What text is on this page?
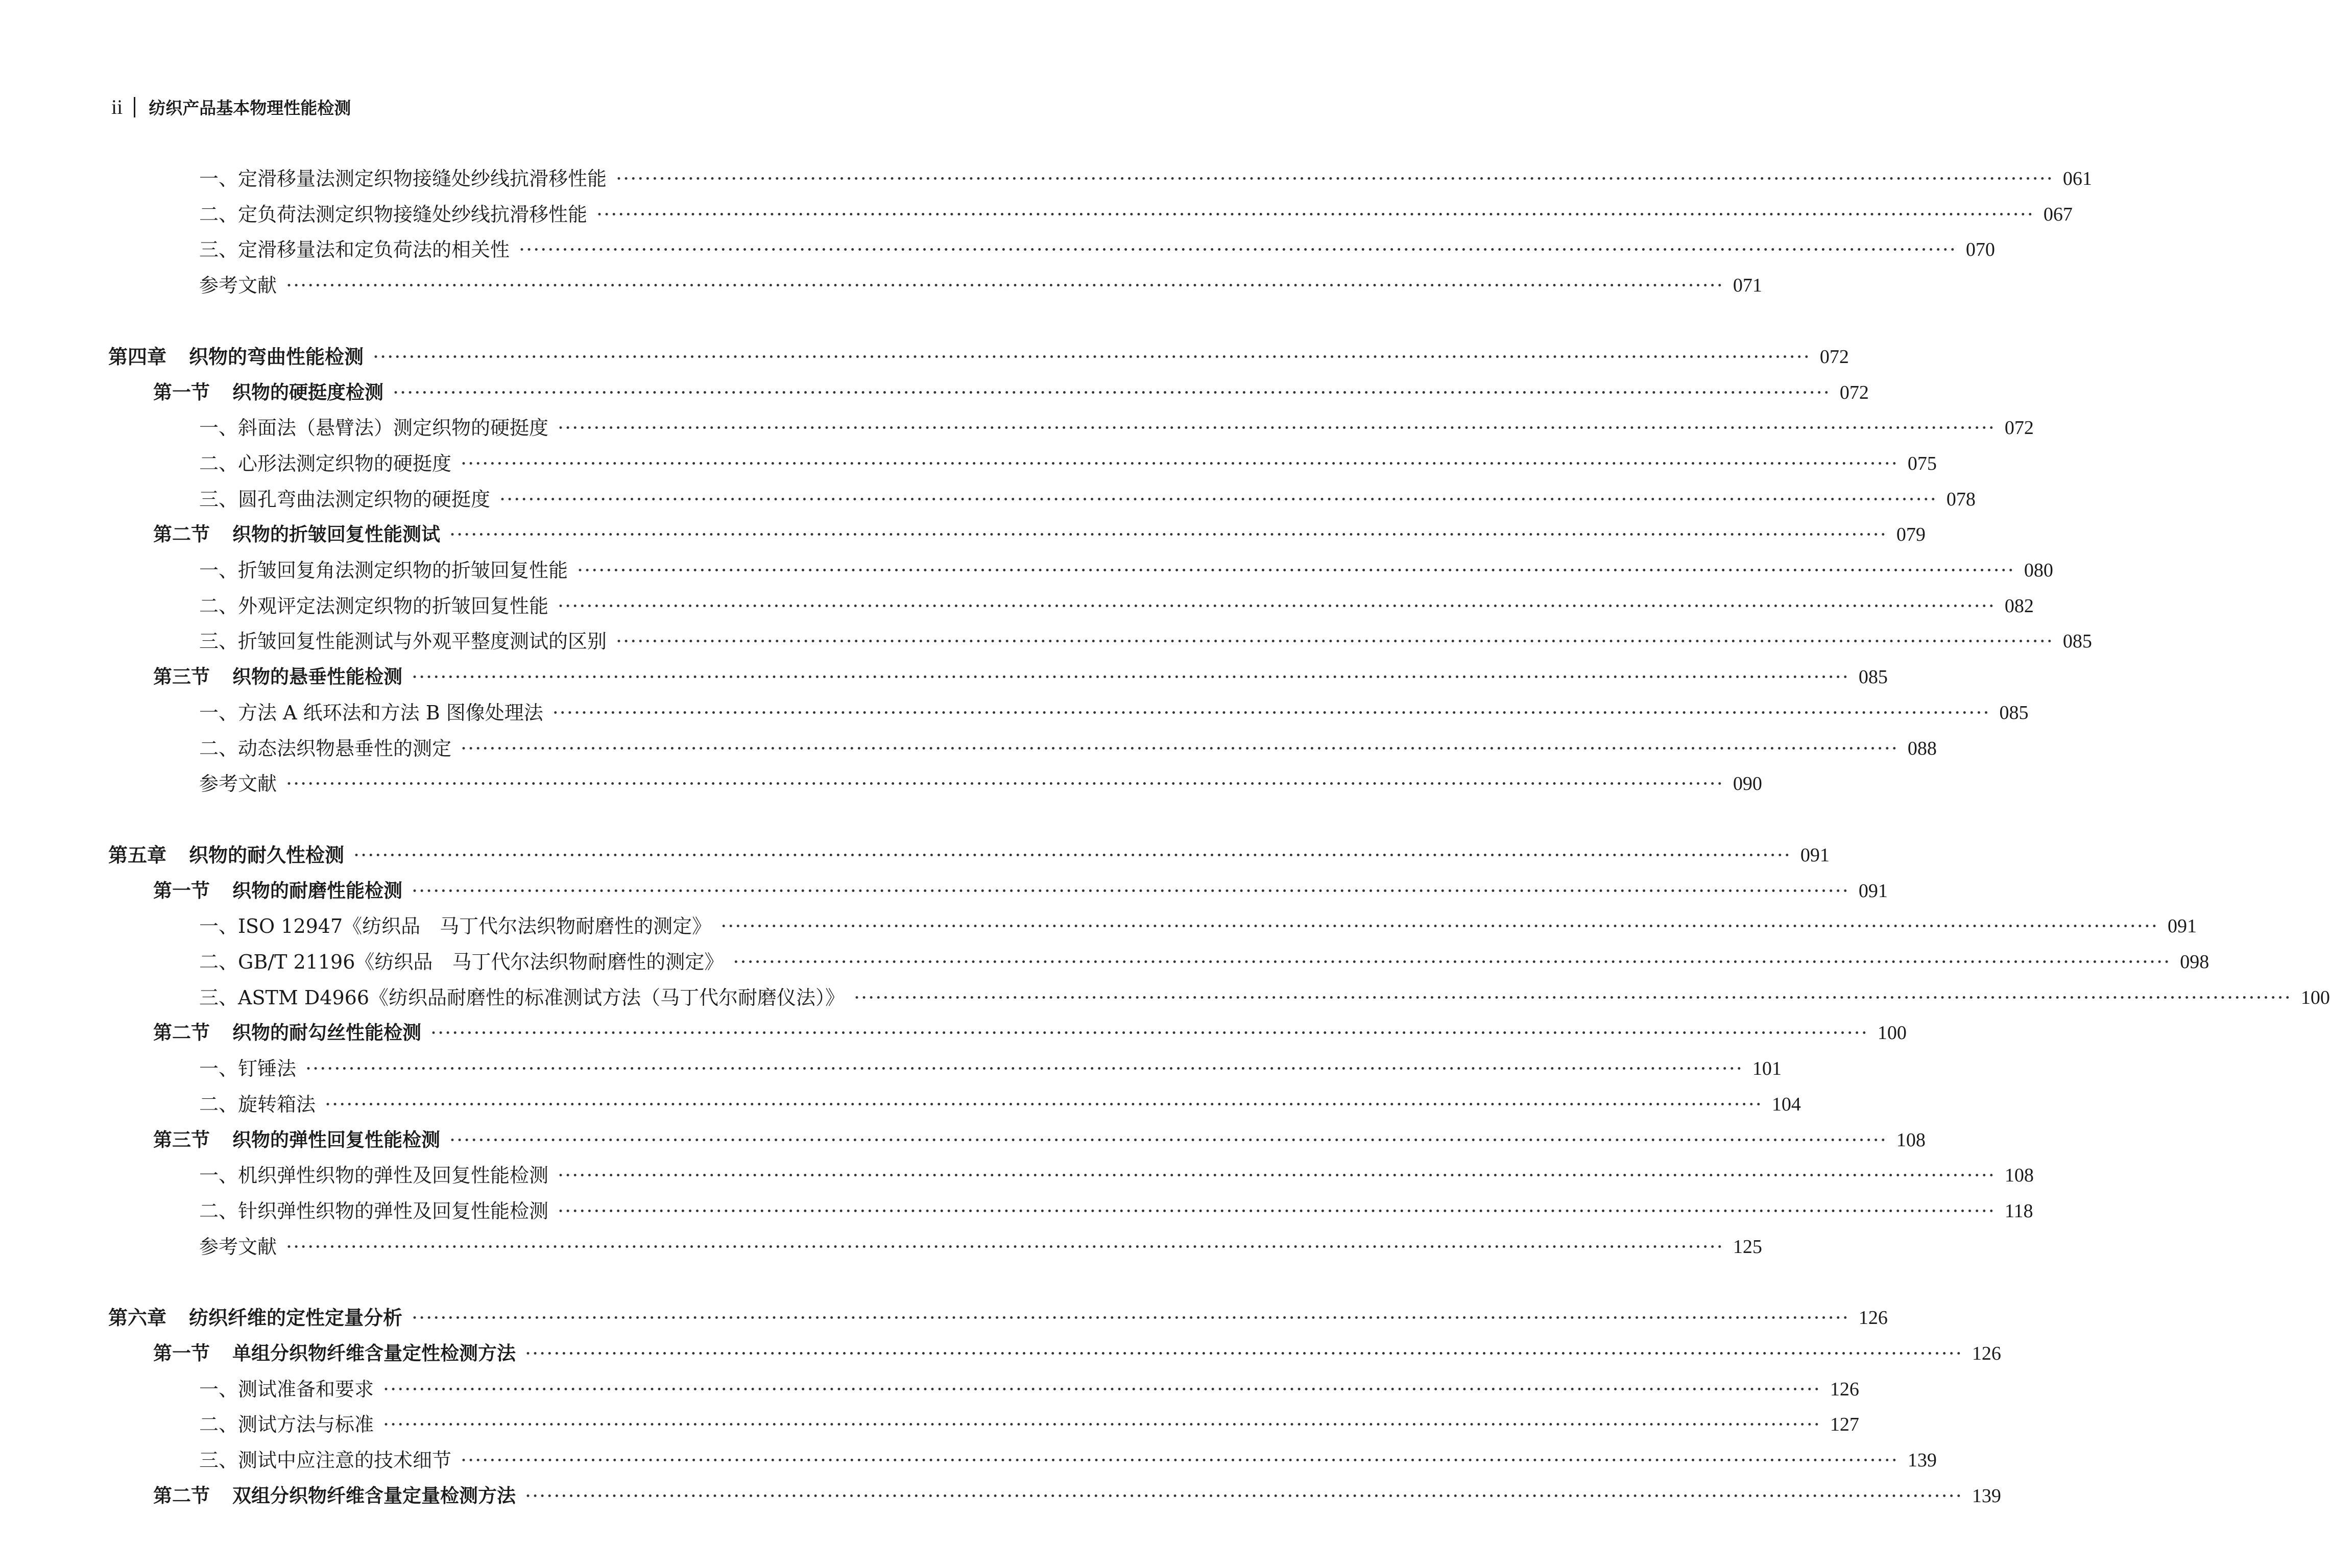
ii 纺织产品基本物理性能检测
一、定滑移量法测定织物接缝处纱线抗滑移性能 ········································································································································································································ 061
二、定负荷法测定织物接缝处纱线抗滑移性能 ········································································································································································································ 067
三、定滑移量法和定负荷法的相关性 ········································································································································································································ 070
参考文献 ········································································································································································································ 071
第四章 织物的弯曲性能检测 ········································································································································································································ 072
第一节 织物的硬挺度检测 ········································································································································································································ 072
一、斜面法（悬臂法）测定织物的硬挺度 ········································································································································································································ 072
二、心形法测定织物的硬挺度 ········································································································································································································ 075
三、圆孔弯曲法测定织物的硬挺度 ········································································································································································································ 078
第二节 织物的折皱回复性能测试 ········································································································································································································ 079
一、折皱回复角法测定织物的折皱回复性能 ········································································································································································································ 080
二、外观评定法测定织物的折皱回复性能 ········································································································································································································ 082
三、折皱回复性能测试与外观平整度测试的区别 ········································································································································································································ 085
第三节 织物的悬垂性能检测 ········································································································································································································ 085
一、方法 A 纸环法和方法 B 图像处理法 ········································································································································································································ 085
二、动态法织物悬垂性的测定 ········································································································································································································ 088
参考文献 ········································································································································································································ 090
第五章 织物的耐久性检测 ········································································································································································································ 091
第一节 织物的耐磨性能检测 ········································································································································································································ 091
一、ISO 12947《纺织品　马丁代尔法织物耐磨性的测定》 ········································································································································································································ 091
二、GB/T 21196《纺织品　马丁代尔法织物耐磨性的测定》 ········································································································································································································ 098
三、ASTM D4966《纺织品耐磨性的标准测试方法（马丁代尔耐磨仪法）》 ········································································································································································································ 100
第二节 织物的耐勾丝性能检测 ········································································································································································································ 100
一、钉锤法 ········································································································································································································ 101
二、旋转箱法 ········································································································································································································ 104
第三节 织物的弹性回复性能检测 ········································································································································································································ 108
一、机织弹性织物的弹性及回复性能检测 ········································································································································································································ 108
二、针织弹性织物的弹性及回复性能检测 ········································································································································································································ 118
参考文献 ········································································································································································································ 125
第六章 纺织纤维的定性定量分析 ········································································································································································································ 126
第一节 单组分织物纤维含量定性检测方法 ········································································································································································································ 126
一、测试准备和要求 ········································································································································································································ 126
二、测试方法与标准 ········································································································································································································ 127
三、测试中应注意的技术细节 ········································································································································································································ 139
第二节 双组分织物纤维含量定量检测方法 ········································································································································································································ 139
